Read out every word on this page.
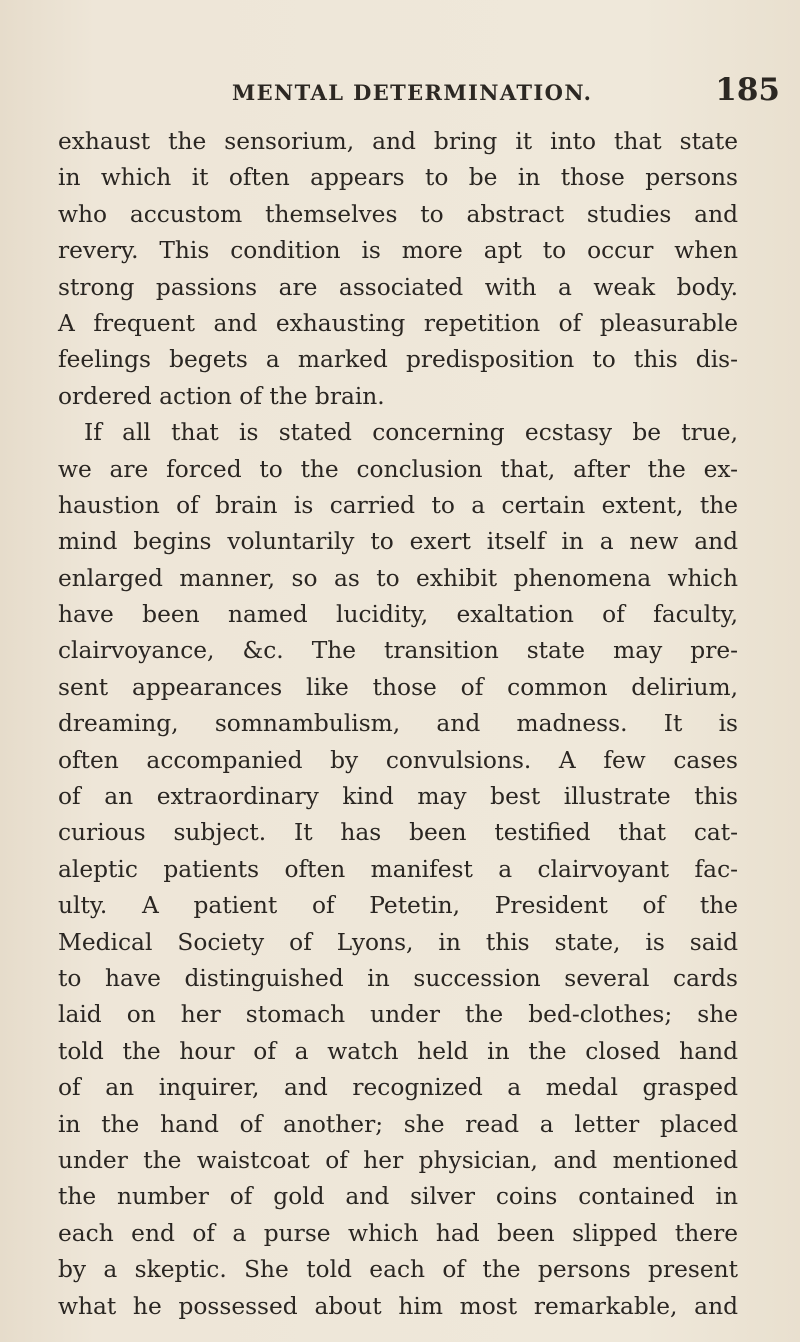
MENTAL DETERMINATION.	185
exhaust the sensorium, and bring it into that state
in which it often appears to be in those persons
who accustom themselves to abstract studies and
revery. This condition is more apt to occur when
strong passions are associated with a weak body.
A frequent and exhausting repetition of pleasurable
feelings begets a marked predisposition to this dis-
ordered action of the brain.
If all that is stated concerning ecstasy be true,
we are forced to the conclusion that, after the ex-
haustion of brain is carried to a certain extent, the
mind begins voluntarily to exert itself in a new and
enlarged manner, so as to exhibit phenomena which
have been named lucidity, exaltation of faculty,
clairvoyance, &c. The transition state may pre-
sent appearances like those of common delirium,
dreaming, somnambulism, and madness. It is
often accompanied by convulsions. A few cases
of an extraordinary kind may best illustrate this
curious subject. It has been testified that cat-
aleptic patients often manifest a clairvoyant fac-
ulty. A patient of Petetin, President of the
Medical Society of Lyons, in this state, is said
to have distinguished in succession several cards
laid on her stomach under the bed-clothes; she
told the hour of a watch held in the closed hand
of an inquirer, and recognized a medal grasped
in the hand of another; she read a letter placed
under the waistcoat of her physician, and mentioned
the number of gold and silver coins contained in
each end of a purse which had been slipped there
by a skeptic. She told each of the persons present
what he possessed about him most remarkable, and
